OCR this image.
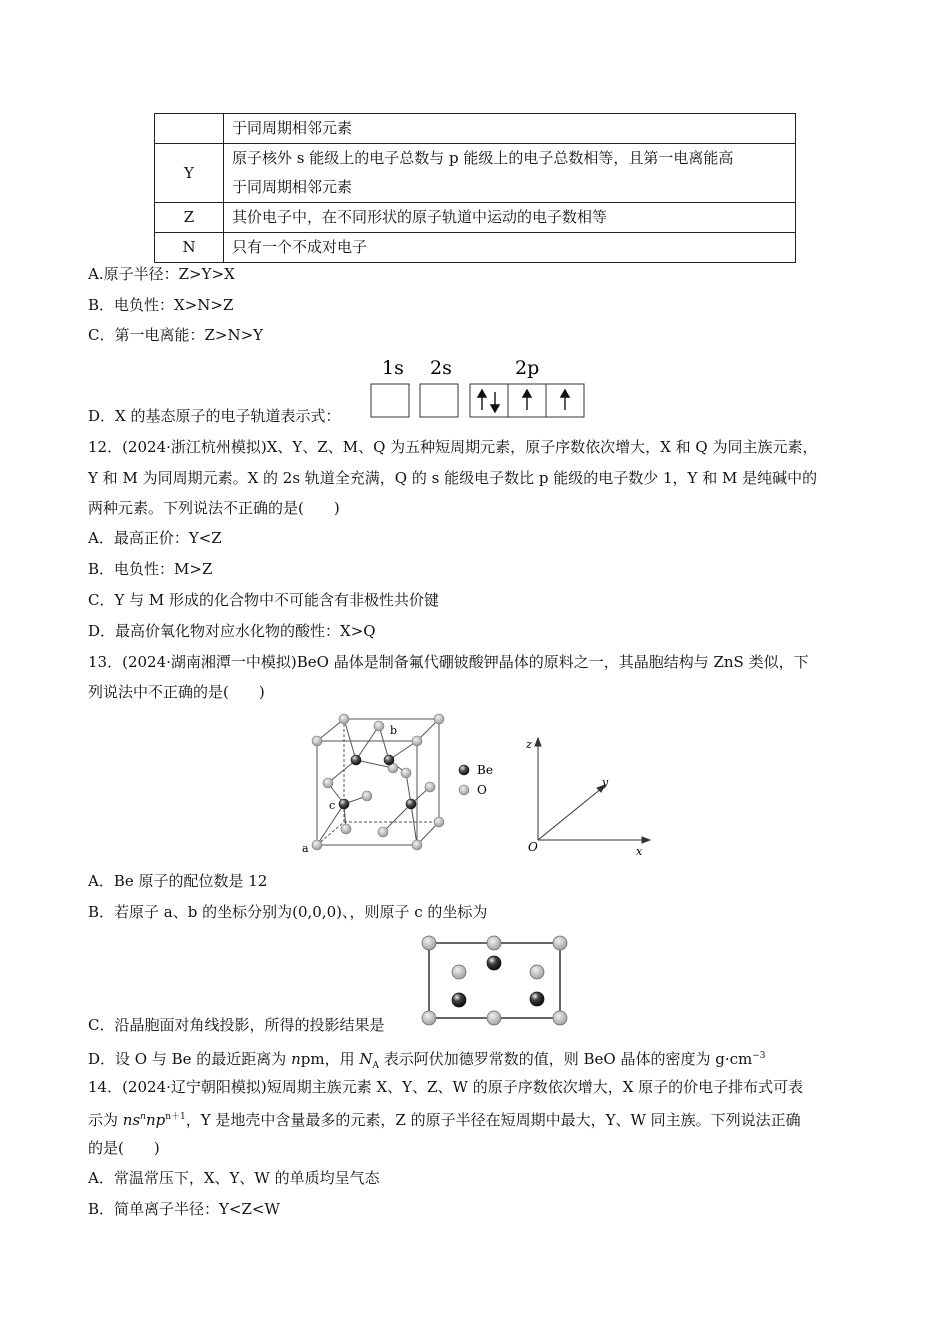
	于同周期相邻元素
Y	原子核外 s 能级上的电子总数与 p 能级上的电子总数相等，且第一电离能高
于同周期相邻元素

Z	其价电子中，在不同形状的原子轨道中运动的电子数相等
N	只有一个不成对电子
A.原子半径：Z>Y>X
B．电负性：X>N>Z
C．第一电离能：Z>N>Y
D．X 的基态原子的电子轨道表示式：
1s 2s	2p
12．(2024·浙江杭州模拟)X、Y、Z、M、Q 为五种短周期元素，原子序数依次增大，X 和 Q 为同主族元素，
Y 和 M 为同周期元素。X 的 2s 轨道全充满，Q 的 s 能级电子数比 p 能级的电子数少 1，Y 和 M 是纯碱中的
两种元素。下列说法不正确的是(　　)
A．最高正价：Y<Z
B．电负性：M>Z
C．Y 与 M 形成的化合物中不可能含有非极性共价键
D．最高价氧化物对应水化物的酸性：X>Q
13．(2024·湖南湘潭一中模拟)BeO 晶体是制备氟代硼铍酸钾晶体的原料之一，其晶胞结构与 ZnS 类似，下
列说法中不正确的是(　　)
a
b
c
Be
O
z
y
x
O
A．Be 原子的配位数是 12
B．若原子 a、b 的坐标分别为(0,0,0)、，则原子 c 的坐标为
C．沿晶胞面对角线投影，所得的投影结果是
D．设 O 与 Be 的最近距离为 npm，用 $N_A$ 表示阿伏加德罗常数的值，则 BeO 晶体的密度为 $g\cdot cm^{-3}$
14．(2024·辽宁朝阳模拟)短周期主族元素 X、Y、Z、W 的原子序数依次增大，X 原子的价电子排布式可表
示为 $ns^nnp^{n+1}$，Y 是地壳中含量最多的元素，Z 的原子半径在短周期中最大，Y、W 同主族。下列说法正确
的是(　　)
A．常温常压下，X、Y、W 的单质均呈气态
B．简单离子半径：Y<Z<W
